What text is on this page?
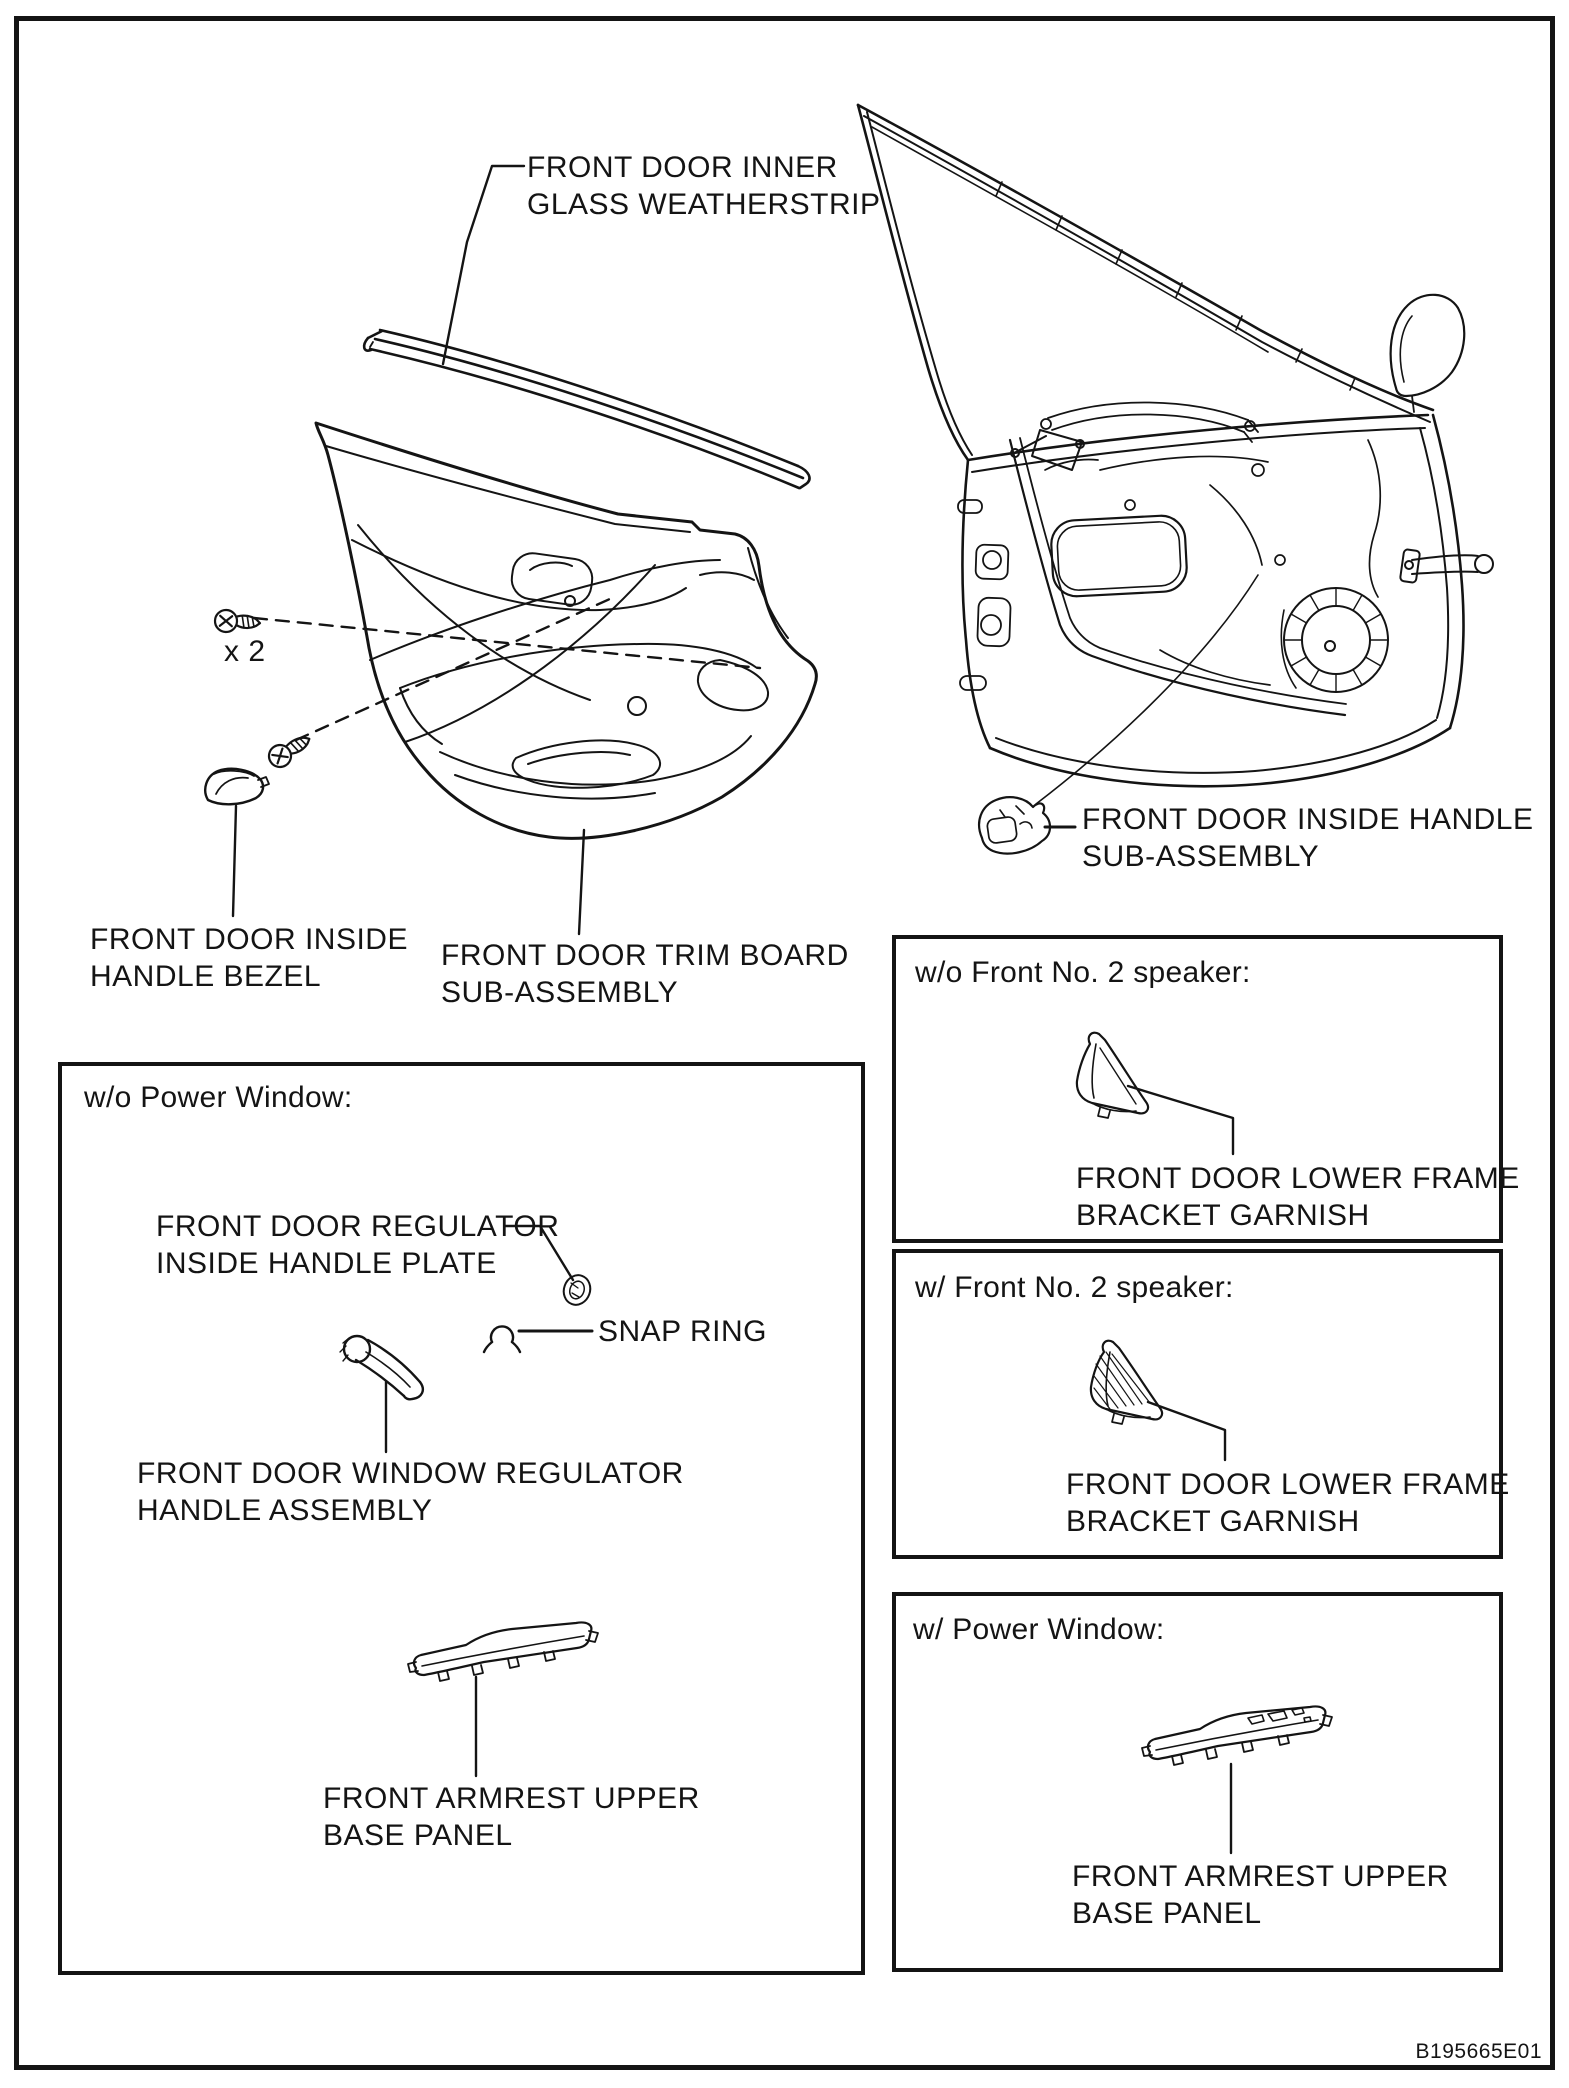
FRONT DOOR INNER
GLASS WEATHERSTRIP
x 2
FRONT DOOR INSIDE
HANDLE BEZEL
FRONT DOOR TRIM BOARD
SUB-ASSEMBLY
FRONT DOOR INSIDE HANDLE
SUB-ASSEMBLY
w/o Power Window:
FRONT DOOR REGULATOR
INSIDE HANDLE PLATE
SNAP RING
FRONT DOOR WINDOW REGULATOR
HANDLE ASSEMBLY
FRONT ARMREST UPPER
BASE PANEL
w/o Front No. 2 speaker:
FRONT DOOR LOWER FRAME
BRACKET GARNISH
w/ Front No. 2 speaker:
FRONT DOOR LOWER FRAME
BRACKET GARNISH
w/ Power Window:
FRONT ARMREST UPPER
BASE PANEL
B195665E01
